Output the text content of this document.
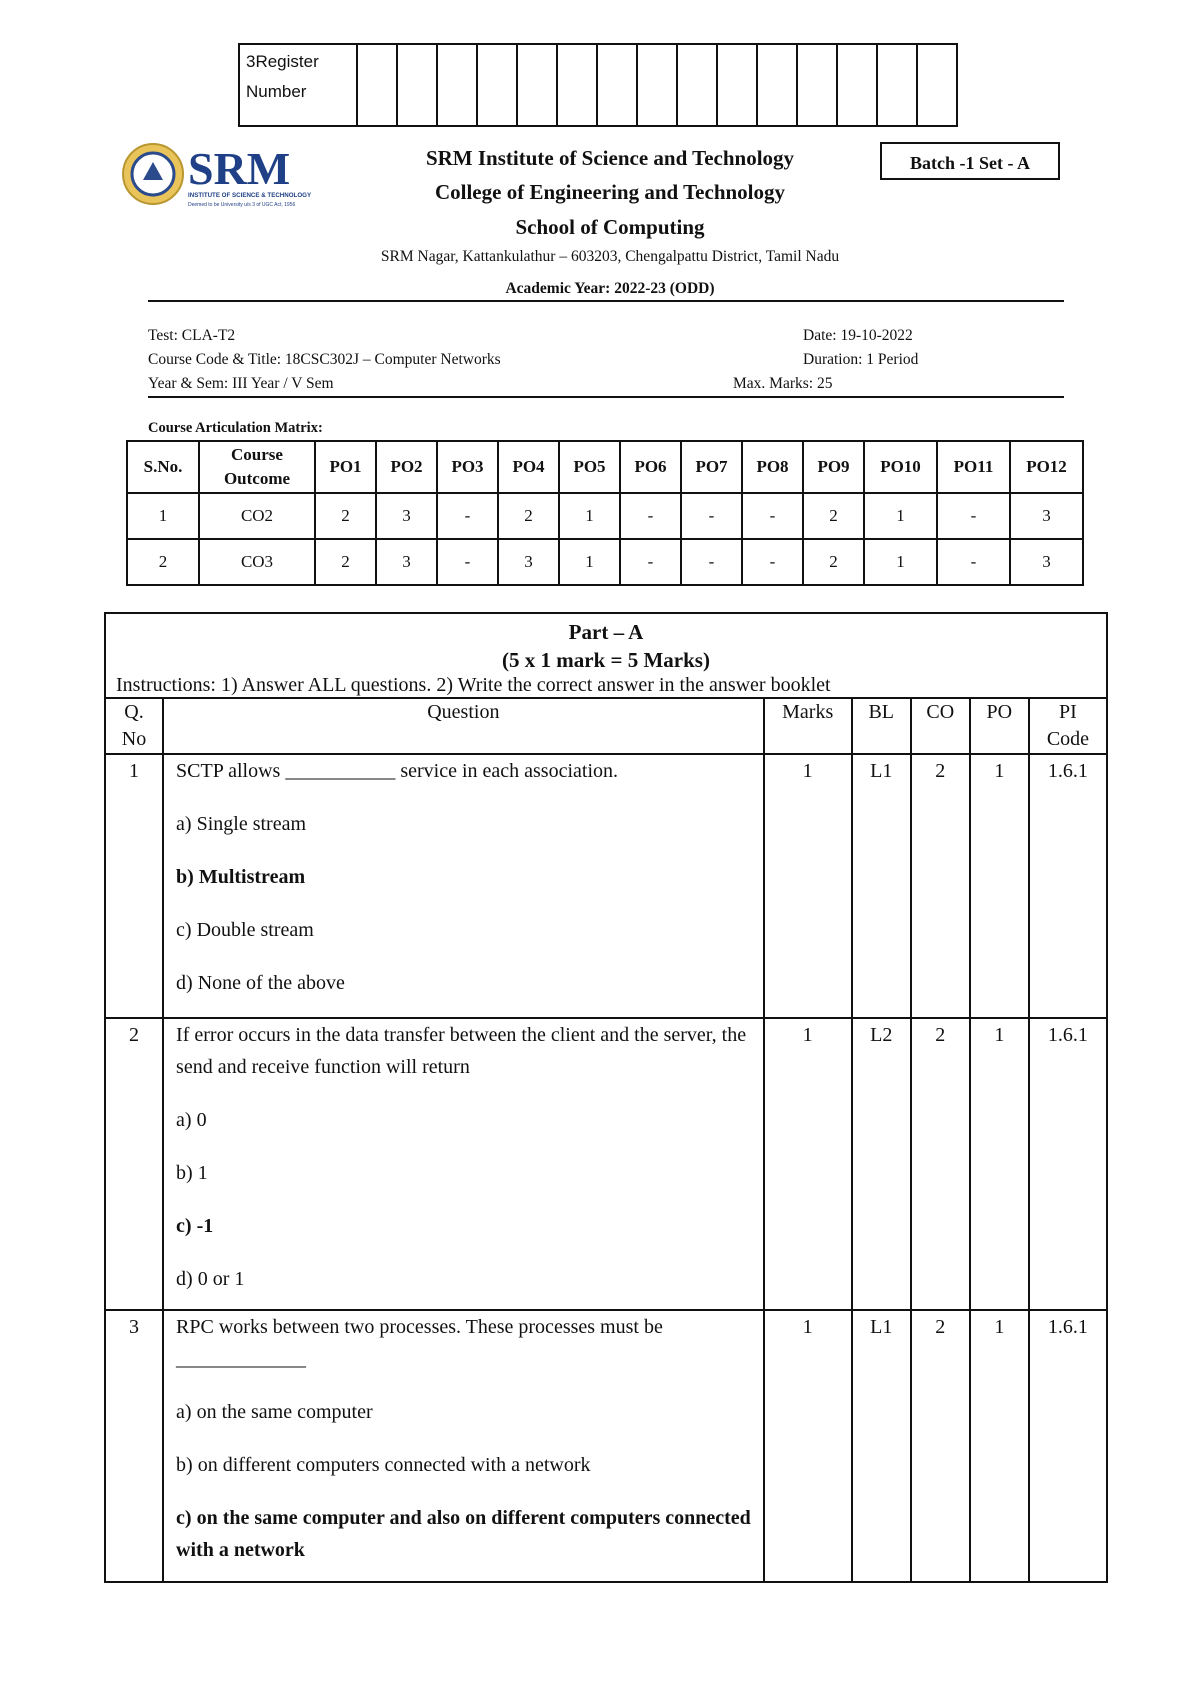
3Register
Number															
SRM
INSTITUTE OF SCIENCE & TECHNOLOGY
Deemed to be University u/s 3 of UGC Act, 1956
SRM Institute of Science and Technology
College of Engineering and Technology
School of Computing
SRM Nagar, Kattankulathur – 603203, Chengalpattu District, Tamil Nadu
Academic Year: 2022-23 (ODD)
Batch -1 Set - A
Test: CLA-T2	Date: 19-10-2022
Course Code & Title: 18CSC302J – Computer Networks	Duration: 1 Period
Year & Sem: III Year / V Sem	Max. Marks: 25
Course Articulation Matrix:
S.No.	Course Outcome	PO1	PO2	PO3	PO4	PO5	PO6	PO7	PO8	PO9	PO10	PO11	PO12
1	CO2	2	3	-	2	1	-	-	-	2	1	-	3
2	CO3	2	3	-	3	1	-	-	-	2	1	-	3
Part – A
(5 x 1 mark = 5 Marks)
Instructions: 1) Answer ALL questions. 2) Write the correct answer in the answer booklet						

Q. No	Question	Marks	BL	CO	PO	PI Code
1	SCTP allows ___________ service in each association.

a) Single stream

b) Multistream

c) Double stream

d) None of the above	1	L1	2	1	1.6.1
2	If error occurs in the data transfer between the client and the server, the send and receive function will return

a) 0

b) 1

c) -1

d) 0 or 1	1	L2	2	1	1.6.1
3	RPC works between two processes. These processes must be _____________

a) on the same computer

b) on different computers connected with a network

c) on the same computer and also on different computers connected with a network	1	L1	2	1	1.6.1
